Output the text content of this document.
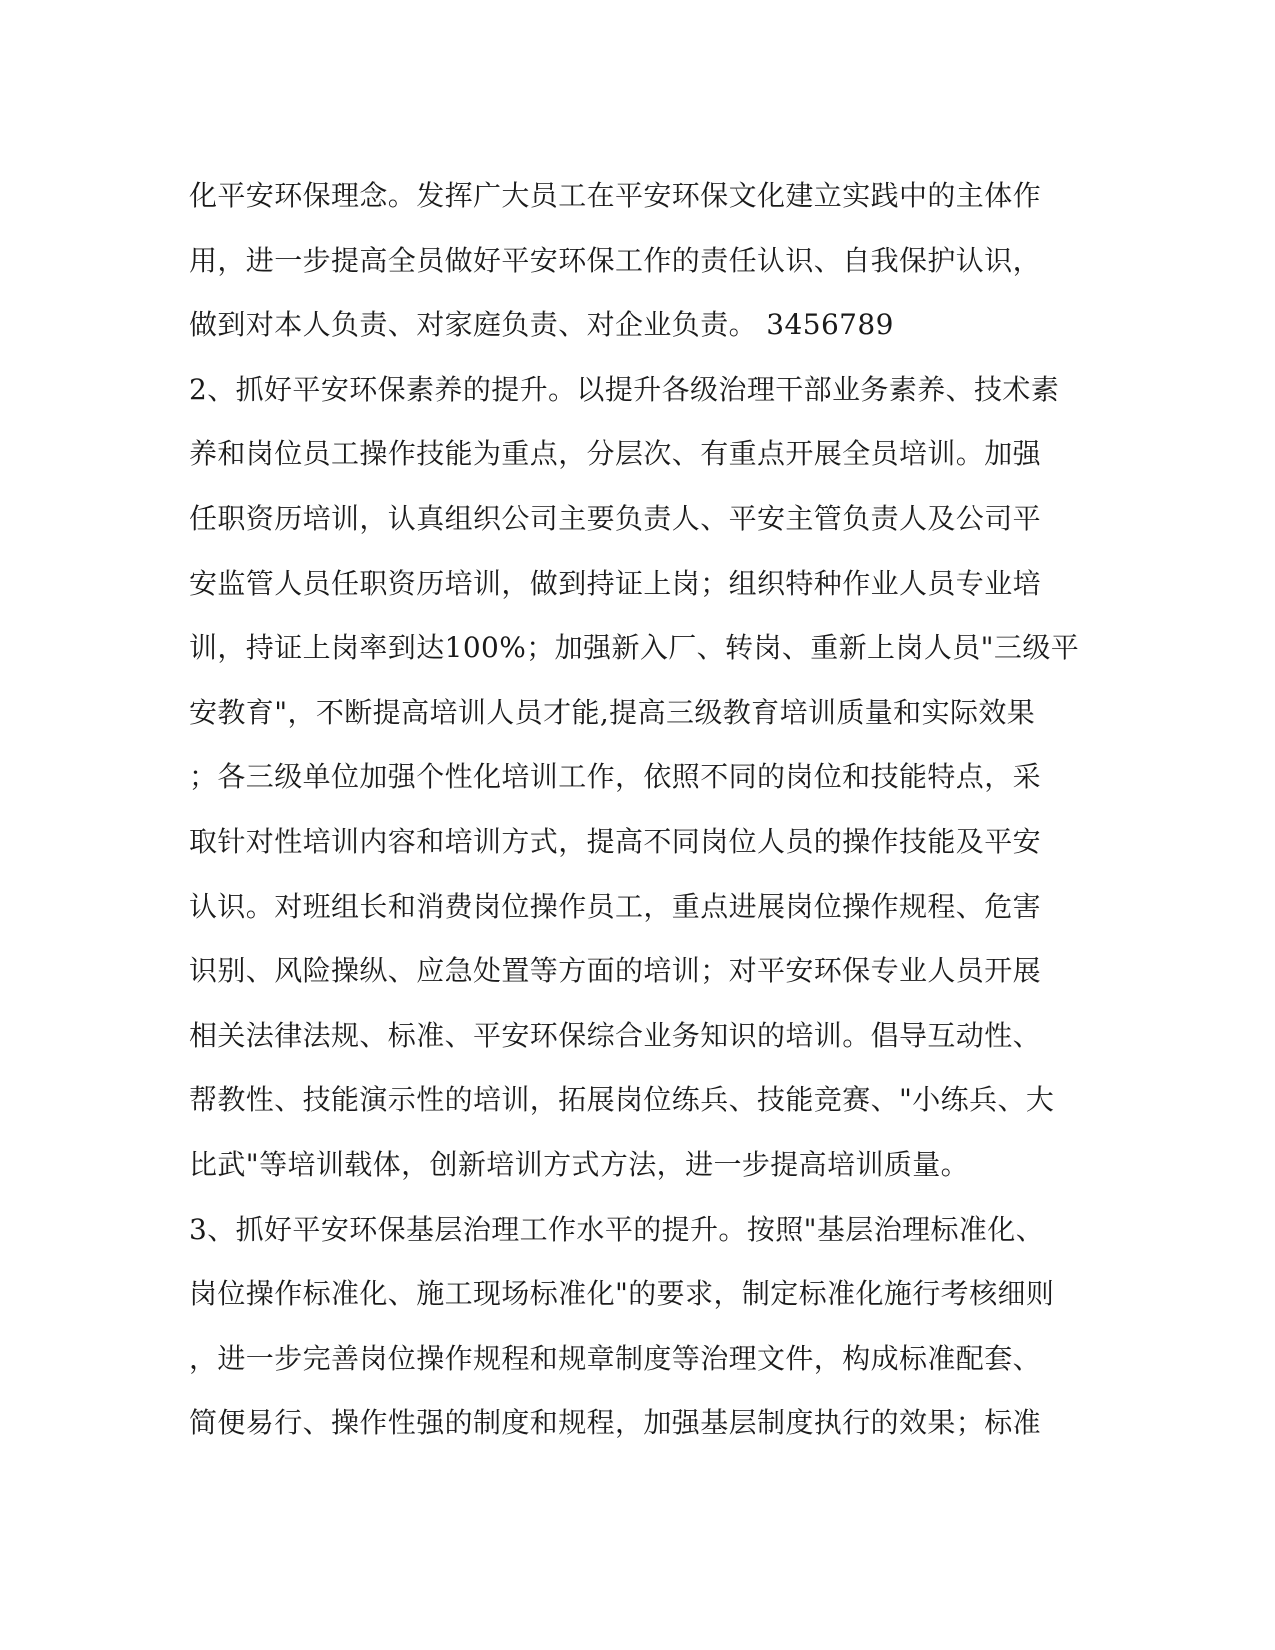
化平安环保理念。发挥广大员工在平安环保文化建立实践中的主体作
用，进一步提高全员做好平安环保工作的责任认识、自我保护认识，
做到对本人负责、对家庭负责、对企业负责。 3456789
2、抓好平安环保素养的提升。以提升各级治理干部业务素养、技术素
养和岗位员工操作技能为重点，分层次、有重点开展全员培训。加强
任职资历培训，认真组织公司主要负责人、平安主管负责人及公司平
安监管人员任职资历培训，做到持证上岗；组织特种作业人员专业培
训，持证上岗率到达100%；加强新入厂、转岗、重新上岗人员"三级平
安教育"，不断提高培训人员才能,提高三级教育培训质量和实际效果
；各三级单位加强个性化培训工作，依照不同的岗位和技能特点，采
取针对性培训内容和培训方式，提高不同岗位人员的操作技能及平安
认识。对班组长和消费岗位操作员工，重点进展岗位操作规程、危害
识别、风险操纵、应急处置等方面的培训；对平安环保专业人员开展
相关法律法规、标准、平安环保综合业务知识的培训。倡导互动性、
帮教性、技能演示性的培训，拓展岗位练兵、技能竞赛、"小练兵、大
比武"等培训载体，创新培训方式方法，进一步提高培训质量。
3、抓好平安环保基层治理工作水平的提升。按照"基层治理标准化、
岗位操作标准化、施工现场标准化"的要求，制定标准化施行考核细则
，进一步完善岗位操作规程和规章制度等治理文件，构成标准配套、
简便易行、操作性强的制度和规程，加强基层制度执行的效果；标准
